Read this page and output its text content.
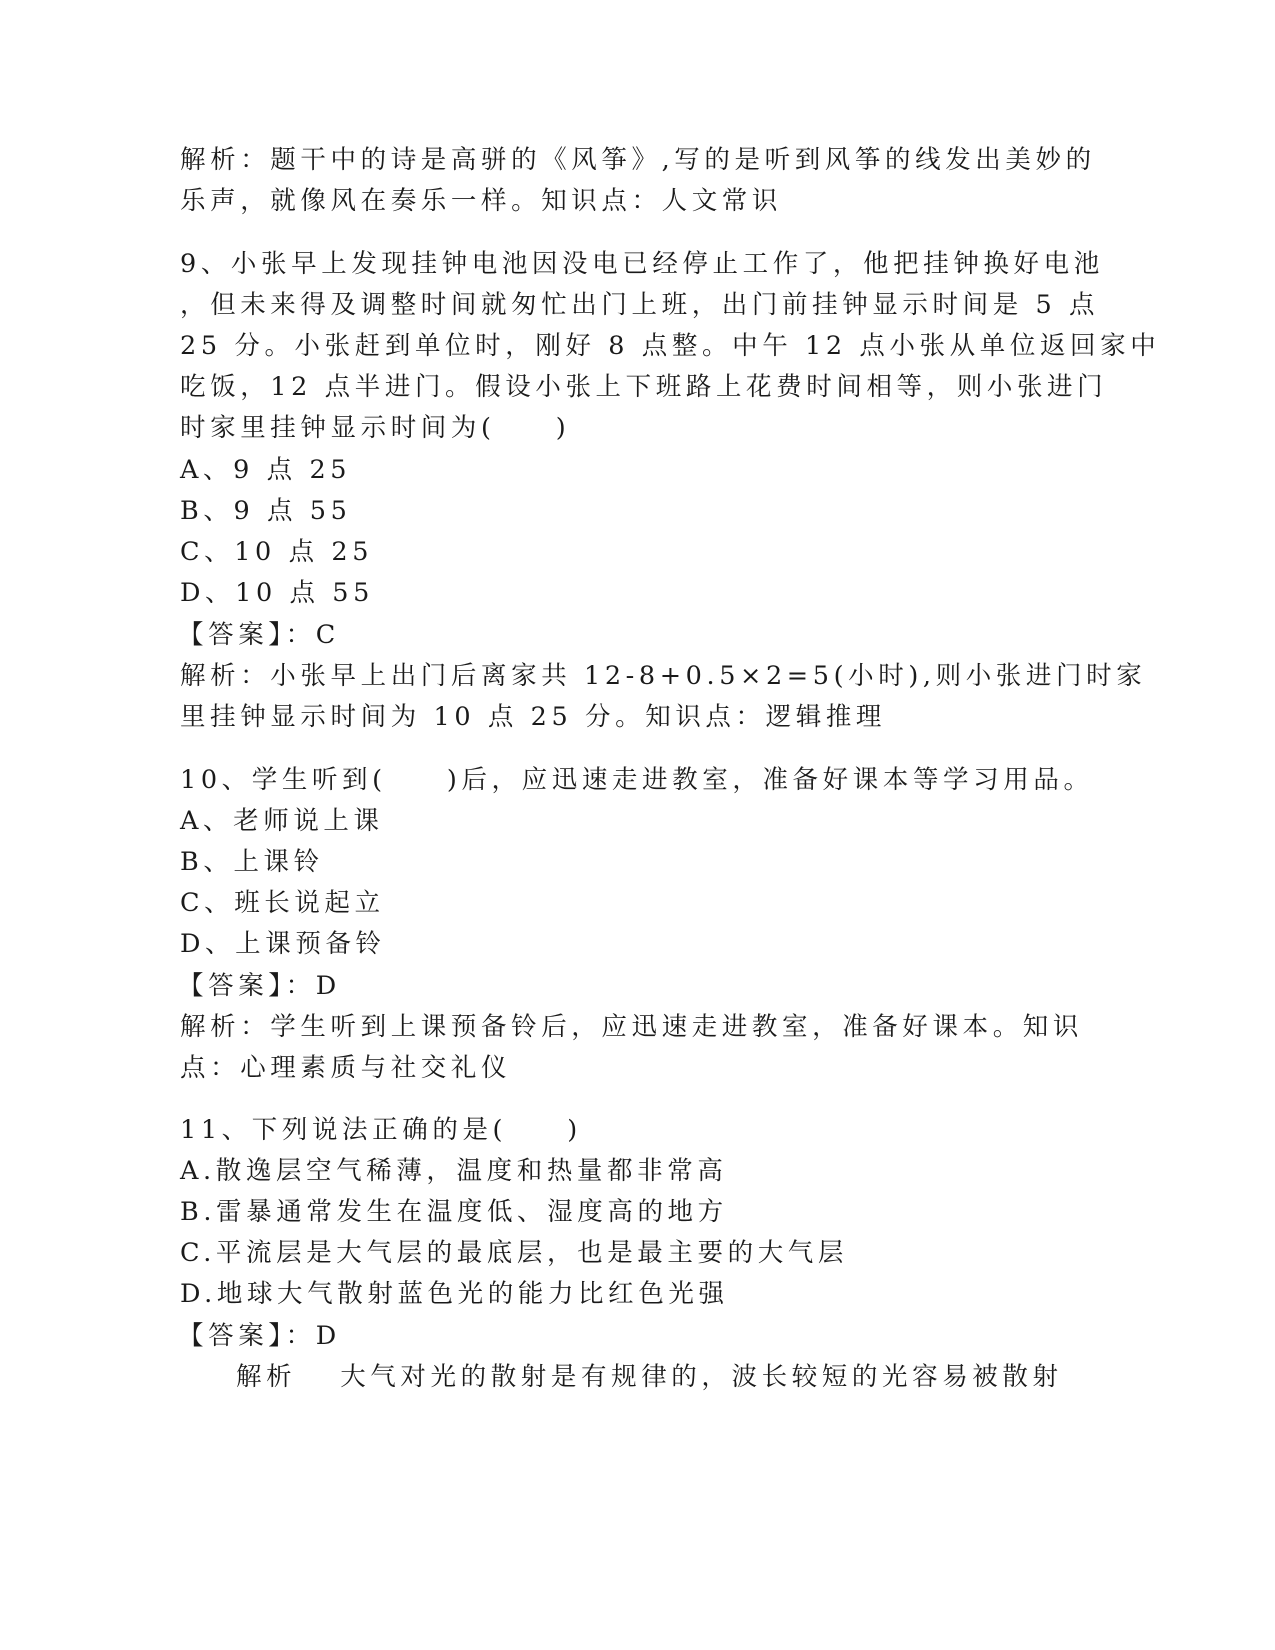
解析：题干中的诗是高骈的《风筝》,写的是听到风筝的线发出美妙的
乐声，就像风在奏乐一样。知识点：人文常识
9、小张早上发现挂钟电池因没电已经停止工作了，他把挂钟换好电池
，但未来得及调整时间就匆忙出门上班，出门前挂钟显示时间是 5 点
25 分。小张赶到单位时，刚好 8 点整。中午 12 点小张从单位返回家中
吃饭，12 点半进门。假设小张上下班路上花费时间相等，则小张进门
时家里挂钟显示时间为(　　)
A、9 点 25
B、9 点 55
C、10 点 25
D、10 点 55
【答案】：C
解析：小张早上出门后离家共 12-8+0.5×2=5(小时),则小张进门时家
里挂钟显示时间为 10 点 25 分。知识点：逻辑推理
10、学生听到(　　)后，应迅速走进教室，准备好课本等学习用品。
A、老师说上课
B、上课铃
C、班长说起立
D、上课预备铃
【答案】：D
解析：学生听到上课预备铃后，应迅速走进教室，准备好课本。知识
点：心理素质与社交礼仪
11、下列说法正确的是(　　)
A.散逸层空气稀薄，温度和热量都非常高
B.雷暴通常发生在温度低、湿度高的地方
C.平流层是大气层的最底层，也是最主要的大气层
D.地球大气散射蓝色光的能力比红色光强
【答案】：D
解析 大气对光的散射是有规律的，波长较短的光容易被散射
